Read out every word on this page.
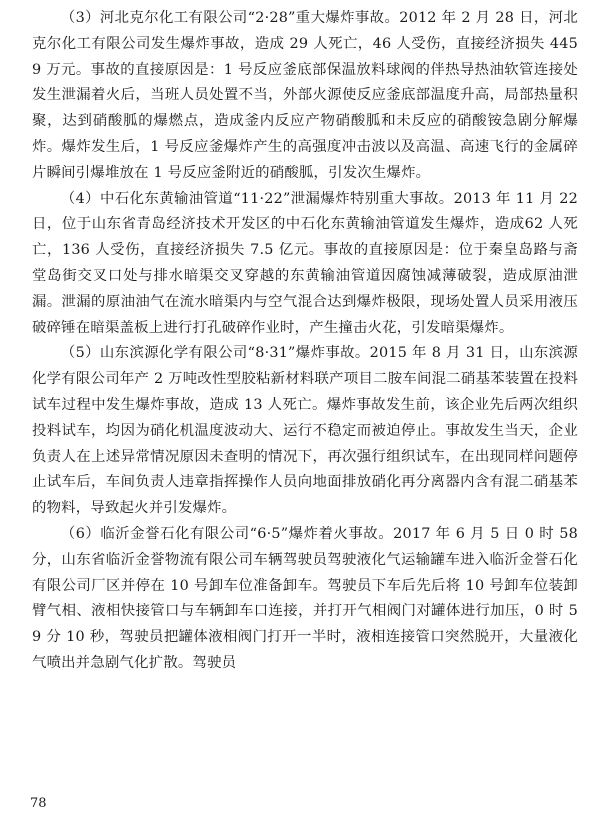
（3）河北克尔化工有限公司“2·28”重大爆炸事故。2012 年 2 月 28 日，河北克尔化工有限公司发生爆炸事故，造成 29 人死亡，46 人受伤，直接经济损失 4459 万元。事故的直接原因是：1 号反应釜底部保温放料球阀的伴热导热油软管连接处发生泄漏着火后，当班人员处置不当，外部火源使反应釜底部温度升高，局部热量积聚，达到硝酸胍的爆燃点，造成釜内反应产物硝酸胍和未反应的硝酸铵急剧分解爆炸。爆炸发生后，1 号反应釜爆炸产生的高强度冲击波以及高温、高速飞行的金属碎片瞬间引爆堆放在 1 号反应釜附近的硝酸胍，引发次生爆炸。

（4）中石化东黄输油管道“11·22”泄漏爆炸特别重大事故。2013 年 11 月 22 日，位于山东省青岛经济技术开发区的中石化东黄输油管道发生爆炸，造成62 人死亡，136 人受伤，直接经济损失 7.5 亿元。事故的直接原因是：位于秦皇岛路与斋堂岛街交叉口处与排水暗渠交叉穿越的东黄输油管道因腐蚀减薄破裂，造成原油泄漏。泄漏的原油油气在流水暗渠内与空气混合达到爆炸极限，现场处置人员采用液压破碎锤在暗渠盖板上进行打孔破碎作业时，产生撞击火花，引发暗渠爆炸。

（5）山东滨源化学有限公司“8·31”爆炸事故。2015 年 8 月 31 日，山东滨源化学有限公司年产 2 万吨改性型胶粘新材料联产项目二胺车间混二硝基苯装置在投料试车过程中发生爆炸事故，造成 13 人死亡。爆炸事故发生前，该企业先后两次组织投料试车，均因为硝化机温度波动大、运行不稳定而被迫停止。事故发生当天，企业负责人在上述异常情况原因未查明的情况下，再次强行组织试车，在出现同样问题停止试车后，车间负责人违章指挥操作人员向地面排放硝化再分离器内含有混二硝基苯的物料，导致起火并引发爆炸。

（6）临沂金誉石化有限公司“6·5”爆炸着火事故。2017 年 6 月 5 日 0 时 58 分，山东省临沂金誉物流有限公司车辆驾驶员驾驶液化气运输罐车进入临沂金誉石化有限公司厂区并停在 10 号卸车位准备卸车。驾驶员下车后先后将 10 号卸车位装卸臂气相、液相快接管口与车辆卸车口连接，并打开气相阀门对罐体进行加压，0 时 59 分 10 秒，驾驶员把罐体液相阀门打开一半时，液相连接管口突然脱开，大量液化气喷出并急剧气化扩散。驾驶员

78
